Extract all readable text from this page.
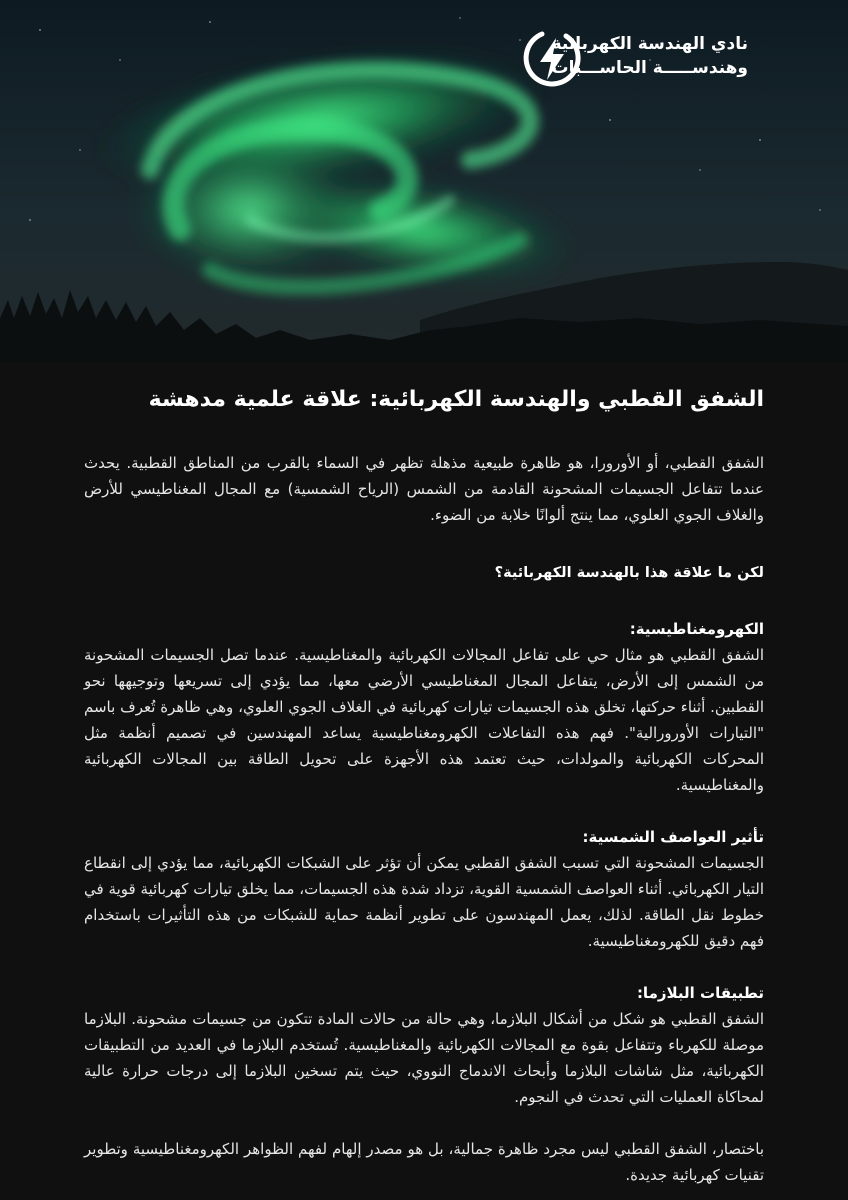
نادي الهندسة الكهربائية
وهندســـــة الحاســـبات
الشفق القطبي والهندسة الكهربائية: علاقة علمية مدهشة

الشفق القطبي، أو الأورورا، هو ظاهرة طبيعية مذهلة تظهر في السماء بالقرب من المناطق القطبية. يحدث عندما تتفاعل الجسيمات المشحونة القادمة من الشمس (الرياح الشمسية) مع المجال المغناطيسي للأرض والغلاف الجوي العلوي، مما ينتج ألوانًا خلابة من الضوء.

لكن ما علاقة هذا بالهندسة الكهربائية؟

الكهرومغناطيسية:

الشفق القطبي هو مثال حي على تفاعل المجالات الكهربائية والمغناطيسية. عندما تصل الجسيمات المشحونة من الشمس إلى الأرض، يتفاعل المجال المغناطيسي الأرضي معها، مما يؤدي إلى تسريعها وتوجيهها نحو القطبين. أثناء حركتها، تخلق هذه الجسيمات تيارات كهربائية في الغلاف الجوي العلوي، وهي ظاهرة تُعرف باسم "التيارات الأورورالية". فهم هذه التفاعلات الكهرومغناطيسية يساعد المهندسين في تصميم أنظمة مثل المحركات الكهربائية والمولدات، حيث تعتمد هذه الأجهزة على تحويل الطاقة بين المجالات الكهربائية والمغناطيسية.

تأثير العواصف الشمسية:

الجسيمات المشحونة التي تسبب الشفق القطبي يمكن أن تؤثر على الشبكات الكهربائية، مما يؤدي إلى انقطاع التيار الكهربائي. أثناء العواصف الشمسية القوية، تزداد شدة هذه الجسيمات، مما يخلق تيارات كهربائية قوية في خطوط نقل الطاقة. لذلك، يعمل المهندسون على تطوير أنظمة حماية للشبكات من هذه التأثيرات باستخدام فهم دقيق للكهرومغناطيسية.

تطبيقات البلازما:

الشفق القطبي هو شكل من أشكال البلازما، وهي حالة من حالات المادة تتكون من جسيمات مشحونة. البلازما موصلة للكهرباء وتتفاعل بقوة مع المجالات الكهربائية والمغناطيسية. تُستخدم البلازما في العديد من التطبيقات الكهربائية، مثل شاشات البلازما وأبحاث الاندماج النووي، حيث يتم تسخين البلازما إلى درجات حرارة عالية لمحاكاة العمليات التي تحدث في النجوم.

باختصار، الشفق القطبي ليس مجرد ظاهرة جمالية، بل هو مصدر إلهام لفهم الظواهر الكهرومغناطيسية وتطوير تقنيات كهربائية جديدة.
